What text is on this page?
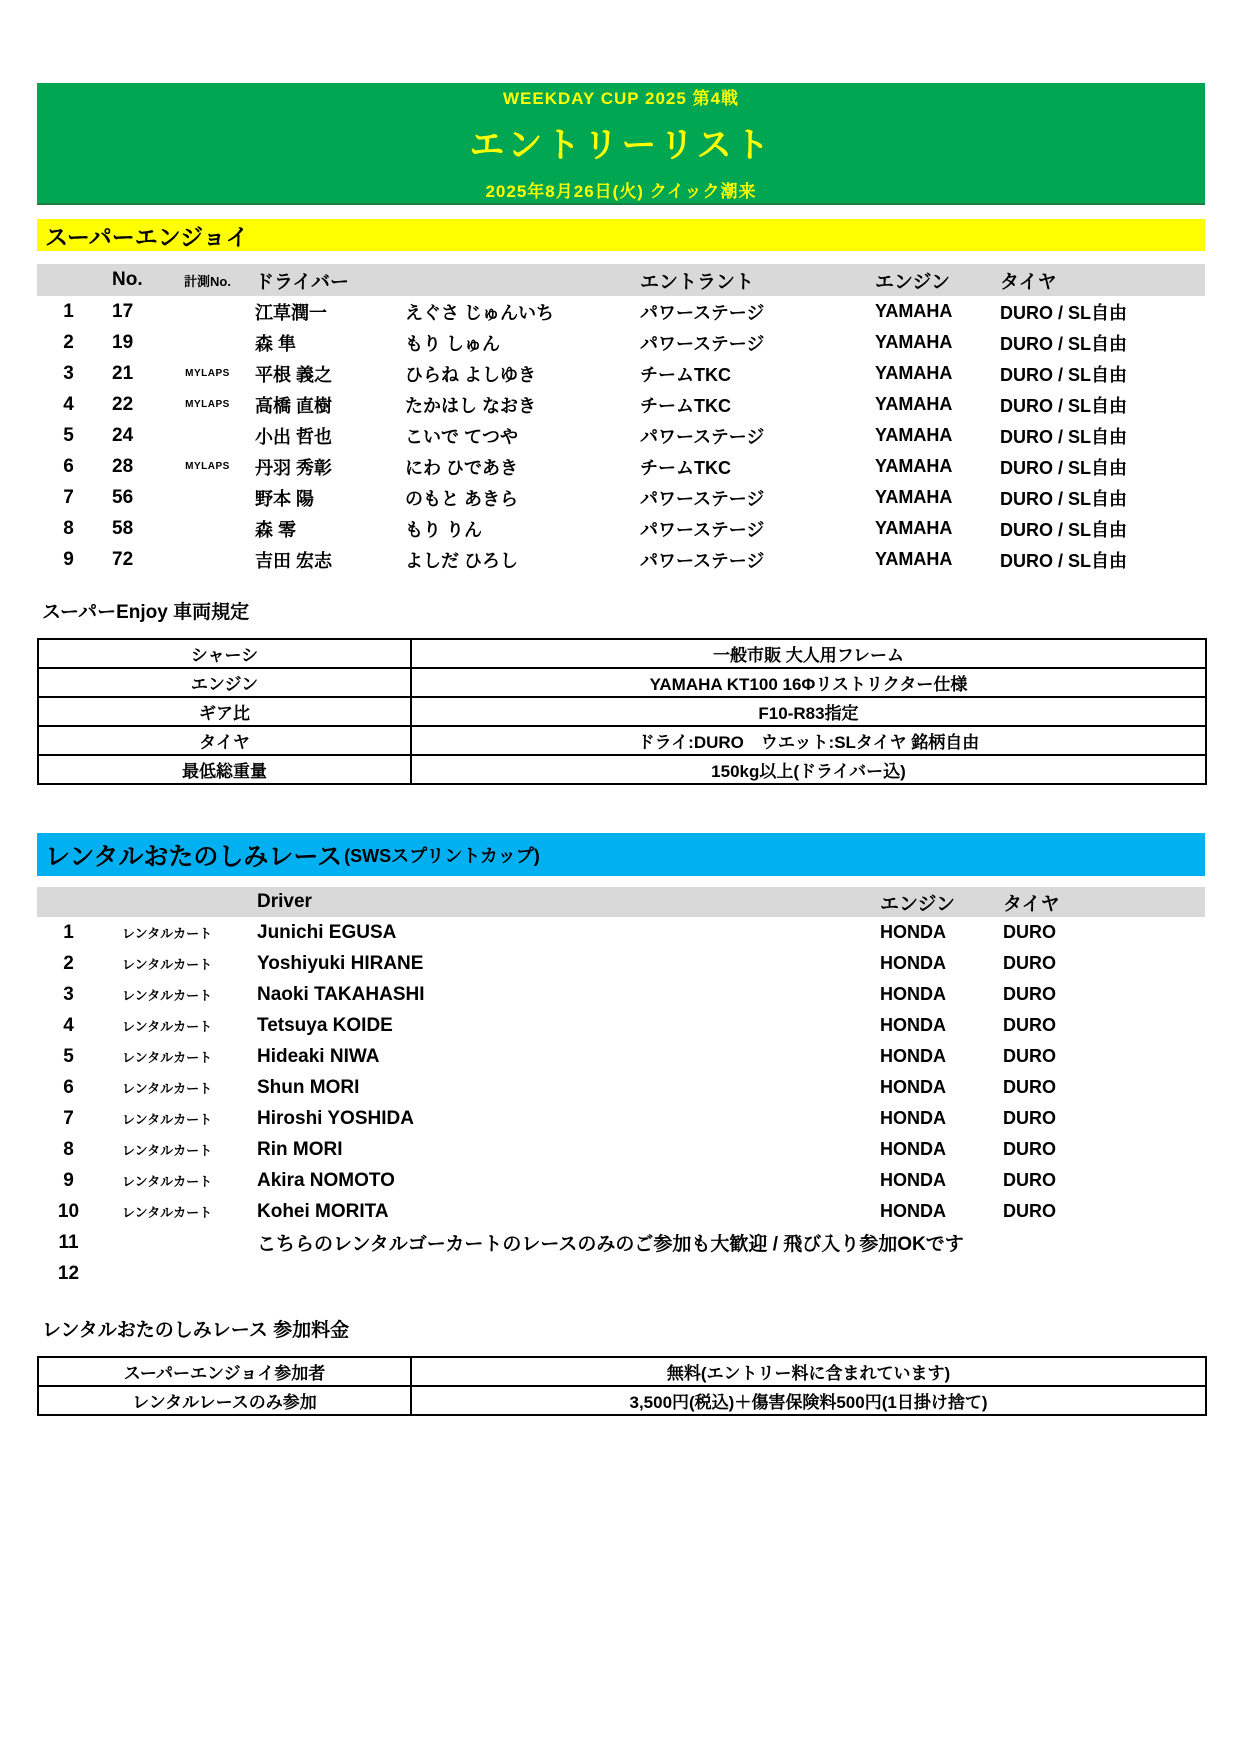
WEEKDAY CUP 2025 第4戦
エントリーリスト
2025年8月26日(火) クイック潮来
スーパーエンジョイ
	No.	計測No.	ドライバー		エントラント	エンジン	タイヤ
1	17		江草潤一	えぐさ じゅんいち	パワーステージ	YAMAHA	DURO / SL自由
2	19		森 隼	もり しゅん	パワーステージ	YAMAHA	DURO / SL自由
3	21	MYLAPS	平根 義之	ひらね よしゆき	チームTKC	YAMAHA	DURO / SL自由
4	22	MYLAPS	高橋 直樹	たかはし なおき	チームTKC	YAMAHA	DURO / SL自由
5	24		小出 哲也	こいで てつや	パワーステージ	YAMAHA	DURO / SL自由
6	28	MYLAPS	丹羽 秀彰	にわ ひであき	チームTKC	YAMAHA	DURO / SL自由
7	56		野本 陽	のもと あきら	パワーステージ	YAMAHA	DURO / SL自由
8	58		森 零	もり りん	パワーステージ	YAMAHA	DURO / SL自由
9	72		吉田 宏志	よしだ ひろし	パワーステージ	YAMAHA	DURO / SL自由
スーパーEnjoy 車両規定
シャーシ	一般市販 大人用フレーム
エンジン	YAMAHA KT100 16Φリストリクター仕様
ギア比	F10-R83指定
タイヤ	ドライ:DURO　ウエット:SLタイヤ 銘柄自由
最低総重量	150kg以上(ドライバー込)
レンタルおたのしみレース (SWSスプリントカップ)
		Driver	エンジン	タイヤ
1	レンタルカート	Junichi EGUSA	HONDA	DURO
2	レンタルカート	Yoshiyuki HIRANE	HONDA	DURO
3	レンタルカート	Naoki TAKAHASHI	HONDA	DURO
4	レンタルカート	Tetsuya KOIDE	HONDA	DURO
5	レンタルカート	Hideaki NIWA	HONDA	DURO
6	レンタルカート	Shun MORI	HONDA	DURO
7	レンタルカート	Hiroshi YOSHIDA	HONDA	DURO
8	レンタルカート	Rin MORI	HONDA	DURO
9	レンタルカート	Akira NOMOTO	HONDA	DURO
10	レンタルカート	Kohei MORITA	HONDA	DURO
11		こちらのレンタルゴーカートのレースのみのご参加も大歓迎 / 飛び入り参加OKです		
12				
レンタルおたのしみレース 参加料金
スーパーエンジョイ参加者	無料(エントリー料に含まれています)
レンタルレースのみ参加	3,500円(税込)＋傷害保険料500円(1日掛け捨て)
